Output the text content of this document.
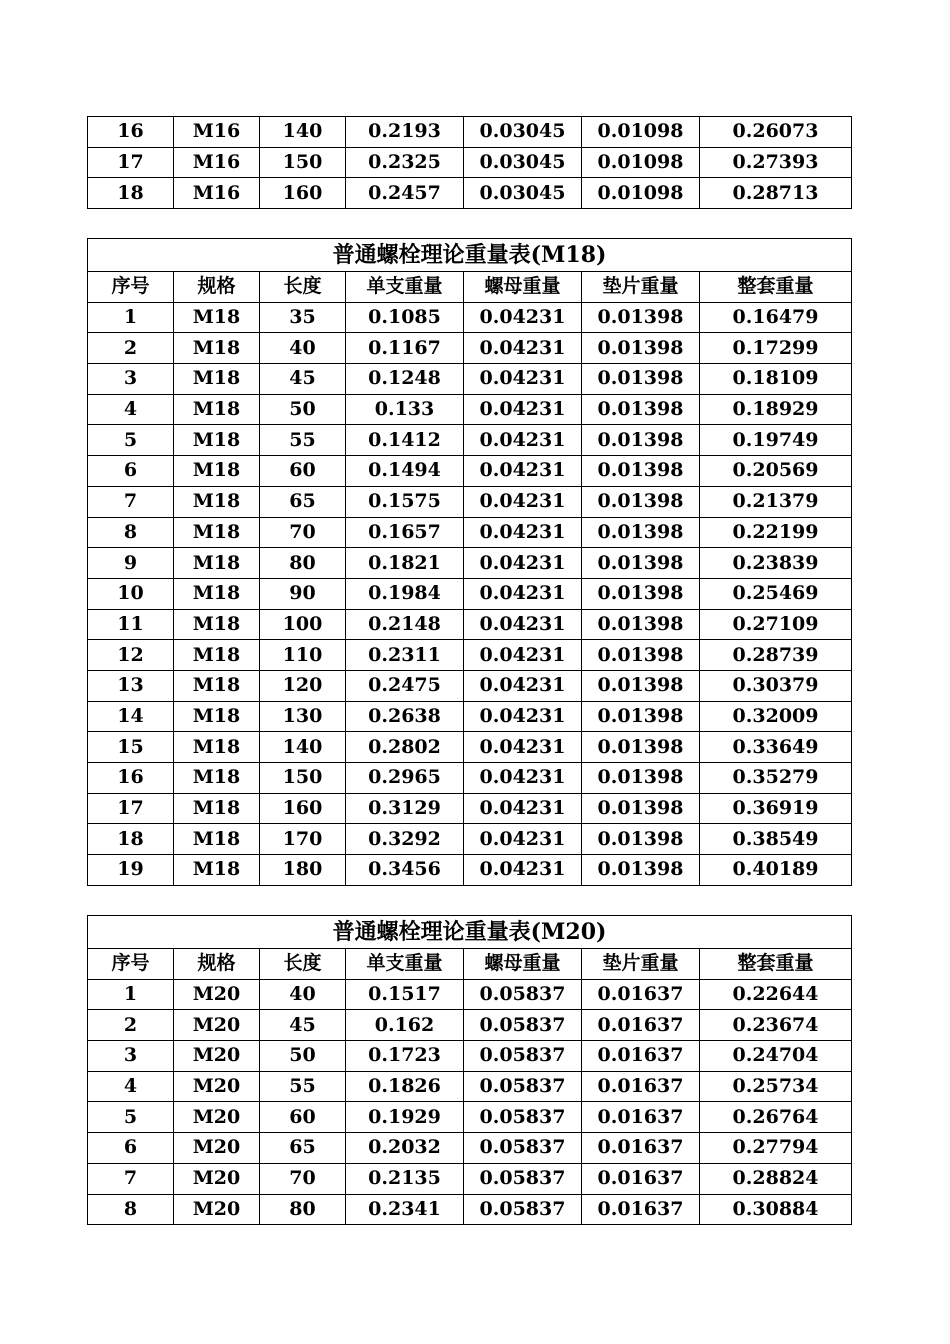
16	M16	140	0.2193	0.03045	0.01098	0.26073
17	M16	150	0.2325	0.03045	0.01098	0.27393
18	M16	160	0.2457	0.03045	0.01098	0.28713
普通螺栓理论重量表(M18)						
序号	规格	长度	单支重量	螺母重量	垫片重量	整套重量
1	M18	35	0.1085	0.04231	0.01398	0.16479
2	M18	40	0.1167	0.04231	0.01398	0.17299
3	M18	45	0.1248	0.04231	0.01398	0.18109
4	M18	50	0.133	0.04231	0.01398	0.18929
5	M18	55	0.1412	0.04231	0.01398	0.19749
6	M18	60	0.1494	0.04231	0.01398	0.20569
7	M18	65	0.1575	0.04231	0.01398	0.21379
8	M18	70	0.1657	0.04231	0.01398	0.22199
9	M18	80	0.1821	0.04231	0.01398	0.23839
10	M18	90	0.1984	0.04231	0.01398	0.25469
11	M18	100	0.2148	0.04231	0.01398	0.27109
12	M18	110	0.2311	0.04231	0.01398	0.28739
13	M18	120	0.2475	0.04231	0.01398	0.30379
14	M18	130	0.2638	0.04231	0.01398	0.32009
15	M18	140	0.2802	0.04231	0.01398	0.33649
16	M18	150	0.2965	0.04231	0.01398	0.35279
17	M18	160	0.3129	0.04231	0.01398	0.36919
18	M18	170	0.3292	0.04231	0.01398	0.38549
19	M18	180	0.3456	0.04231	0.01398	0.40189
普通螺栓理论重量表(M20)						
序号	规格	长度	单支重量	螺母重量	垫片重量	整套重量
1	M20	40	0.1517	0.05837	0.01637	0.22644
2	M20	45	0.162	0.05837	0.01637	0.23674
3	M20	50	0.1723	0.05837	0.01637	0.24704
4	M20	55	0.1826	0.05837	0.01637	0.25734
5	M20	60	0.1929	0.05837	0.01637	0.26764
6	M20	65	0.2032	0.05837	0.01637	0.27794
7	M20	70	0.2135	0.05837	0.01637	0.28824
8	M20	80	0.2341	0.05837	0.01637	0.30884
